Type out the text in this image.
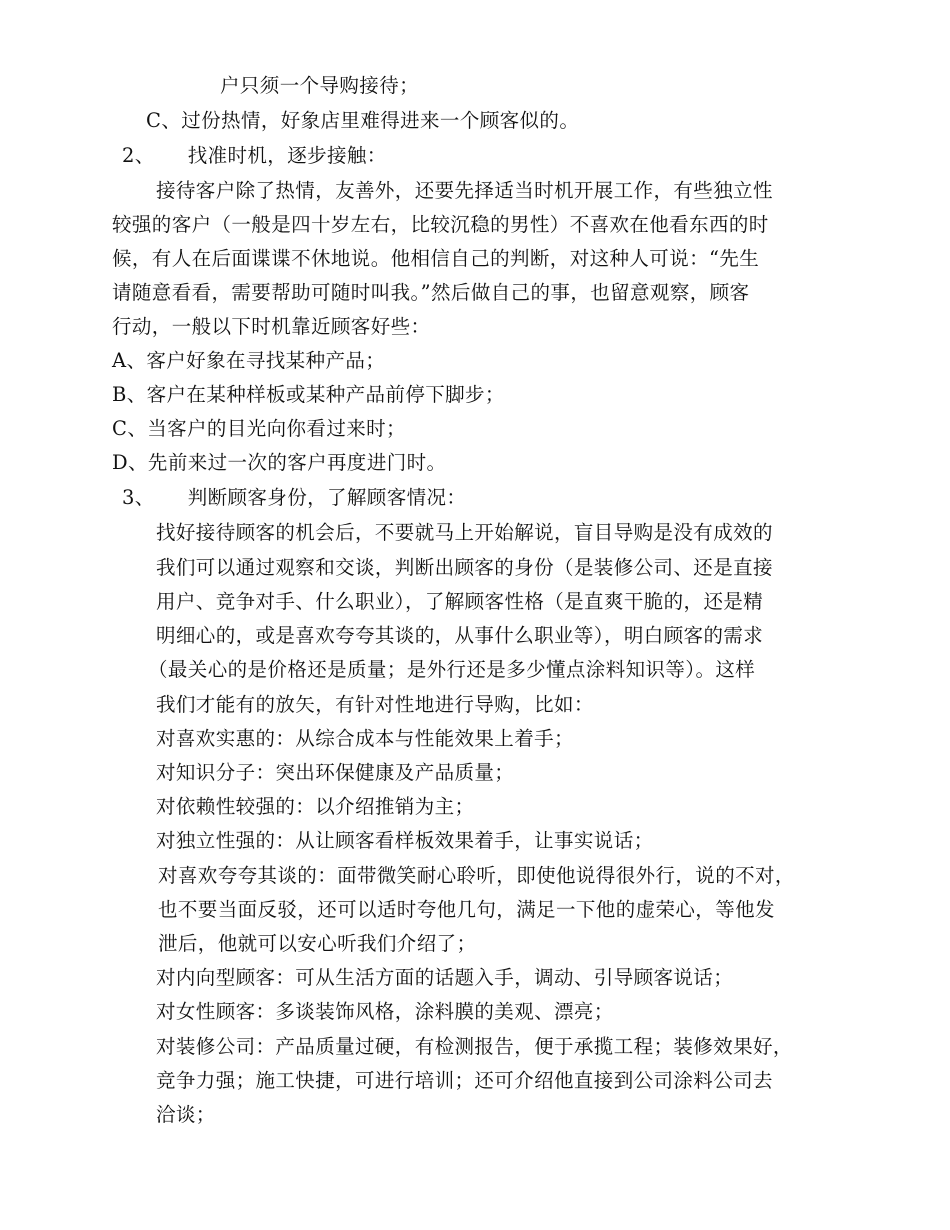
户只须一个导购接待；
C、过份热情，好象店里难得进来一个顾客似的。
2、     找准时机，逐步接触：
接待客户除了热情，友善外，还要先择适当时机开展工作，有些独立性
较强的客户（一般是四十岁左右，比较沉稳的男性）不喜欢在他看东西的时
候，有人在后面谍谍不休地说。他相信自己的判断，对这种人可说：“先生
请随意看看，需要帮助可随时叫我。”然后做自己的事，也留意观察，顾客
行动，一般以下时机靠近顾客好些：
A、客户好象在寻找某种产品；
B、客户在某种样板或某种产品前停下脚步；
C、当客户的目光向你看过来时；
D、先前来过一次的客户再度进门时。
3、     判断顾客身份，了解顾客情况：
找好接待顾客的机会后，不要就马上开始解说，盲目导购是没有成效的
我们可以通过观察和交谈，判断出顾客的身份（是装修公司、还是直接
用户、竞争对手、什么职业），了解顾客性格（是直爽干脆的，还是精
明细心的，或是喜欢夸夸其谈的，从事什么职业等），明白顾客的需求
（最关心的是价格还是质量；是外行还是多少懂点涂料知识等）。这样
我们才能有的放矢，有针对性地进行导购，比如：
对喜欢实惠的：从综合成本与性能效果上着手；
对知识分子：突出环保健康及产品质量；
对依赖性较强的：以介绍推销为主；
对独立性强的：从让顾客看样板效果着手，让事实说话；
对喜欢夸夸其谈的：面带微笑耐心聆听，即使他说得很外行，说的不对，
也不要当面反驳，还可以适时夸他几句，满足一下他的虚荣心，等他发
泄后，他就可以安心听我们介绍了；
对内向型顾客：可从生活方面的话题入手，调动、引导顾客说话；
对女性顾客：多谈装饰风格，涂料膜的美观、漂亮；
对装修公司：产品质量过硬，有检测报告，便于承揽工程；装修效果好，
竞争力强；施工快捷，可进行培训；还可介绍他直接到公司涂料公司去
洽谈；
